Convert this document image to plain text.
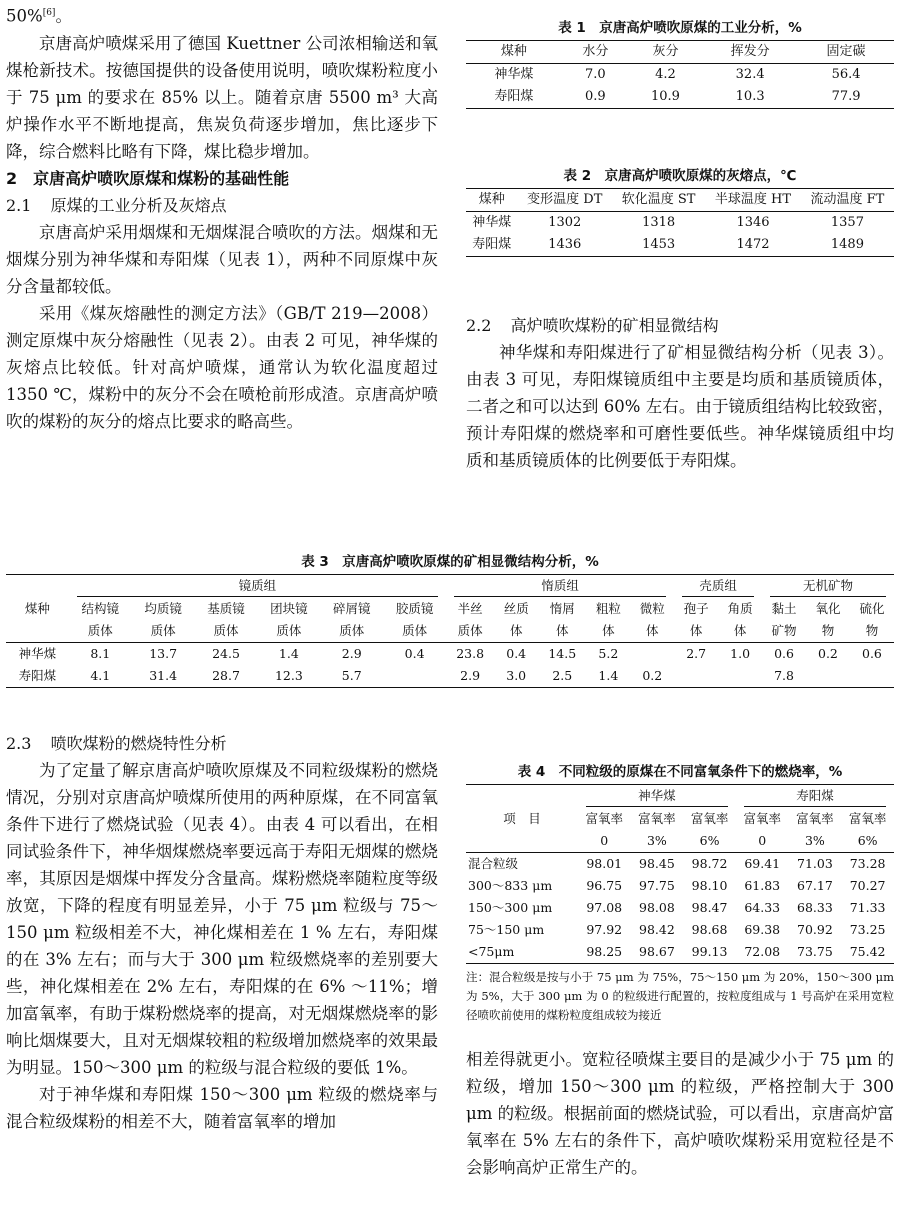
50%[6]。

京唐高炉喷煤采用了德国 Kuettner 公司浓相输送和氧煤枪新技术。按德国提供的设备使用说明，喷吹煤粉粒度小于 75 μm 的要求在 85% 以上。随着京唐 5500 m³ 大高炉操作水平不断地提高，焦炭负荷逐步增加，焦比逐步下降，综合燃料比略有下降，煤比稳步增加。

2　京唐高炉喷吹原煤和煤粉的基础性能
2.1 原煤的工业分析及灰熔点

京唐高炉采用烟煤和无烟煤混合喷吹的方法。烟煤和无烟煤分别为神华煤和寿阳煤（见表 1），两种不同原煤中灰分含量都较低。

采用《煤灰熔融性的测定方法》（GB/T 219—2008）测定原煤中灰分熔融性（见表 2）。由表 2 可见，神华煤的灰熔点比较低。针对高炉喷煤，通常认为软化温度超过 1350 ℃，煤粉中的灰分不会在喷枪前形成渣。京唐高炉喷吹的煤粉的灰分的熔点比要求的略高些。

表 1　京唐高炉喷吹原煤的工业分析，%
煤种	水分	灰分	挥发分	固定碳
神华煤	7.0	4.2	32.4	56.4
寿阳煤	0.9	10.9	10.3	77.9
表 2　京唐高炉喷吹原煤的灰熔点，℃
煤种	变形温度 DT	软化温度 ST	半球温度 HT	流动温度 FT
神华煤	1302	1318	1346	1357
寿阳煤	1436	1453	1472	1489
2.2 高炉喷吹煤粉的矿相显微结构

神华煤和寿阳煤进行了矿相显微结构分析（见表 3）。由表 3 可见，寿阳煤镜质组中主要是均质和基质镜质体，二者之和可以达到 60% 左右。由于镜质组结构比较致密，预计寿阳煤的燃烧率和可磨性要低些。神华煤镜质组中均质和基质镜质体的比例要低于寿阳煤。

表 3　京唐高炉喷吹原煤的矿相显微结构分析，%
煤种	镜质组						惰质组					壳质组		无机矿物		

	结构镜	均质镜	基质镜	团块镜	碎屑镜	胶质镜	半丝	丝质	惰屑	粗粒	微粒	孢子	角质	黏土	氧化	硫化
	质体	质体	质体	质体	质体	质体	质体	体	体	体	体	体	体	矿物	物	物
神华煤	8.1	13.7	24.5	1.4	2.9	0.4	23.8	0.4	14.5	5.2		2.7	1.0	0.6	0.2	0.6
寿阳煤	4.1	31.4	28.7	12.3	5.7		2.9	3.0	2.5	1.4	0.2			7.8		
2.3 喷吹煤粉的燃烧特性分析

为了定量了解京唐高炉喷吹原煤及不同粒级煤粉的燃烧情况，分别对京唐高炉喷煤所使用的两种原煤，在不同富氧条件下进行了燃烧试验（见表 4）。由表 4 可以看出，在相同试验条件下，神华烟煤燃烧率要远高于寿阳无烟煤的燃烧率，其原因是烟煤中挥发分含量高。煤粉燃烧率随粒度等级放宽，下降的程度有明显差异，小于 75 μm 粒级与 75～150 μm 粒级相差不大，神化煤相差在 1 % 左右，寿阳煤的在 3% 左右；而与大于 300 μm 粒级燃烧率的差别要大些，神化煤相差在 2% 左右，寿阳煤的在 6% ～11%；增加富氧率，有助于煤粉燃烧率的提高，对无烟煤燃烧率的影响比烟煤要大，且对无烟煤较粗的粒级增加燃烧率的效果最为明显。150～300 μm 的粒级与混合粒级的要低 1%。

对于神华煤和寿阳煤 150～300 μm 粒级的燃烧率与混合粒级煤粉的相差不大，随着富氧率的增加

表 4　不同粒级的原煤在不同富氧条件下的燃烧率，%
项　目	神华煤			寿阳煤		

	富氧率	富氧率	富氧率	富氧率	富氧率	富氧率
	0	3%	6%	0	3%	6%
混合粒级	98.01	98.45	98.72	69.41	71.03	73.28
300～833 μm	96.75	97.75	98.10	61.83	67.17	70.27
150～300 μm	97.08	98.08	98.47	64.33	68.33	71.33
75～150 μm	97.92	98.42	98.68	69.38	70.92	73.25
<75μm	98.25	98.67	99.13	72.08	73.75	75.42

注：混合粒级是按与小于 75 μm 为 75%，75～150 μm 为 20%，150～300 μm 为 5%，大于 300 μm 为 0 的粒级进行配置的，按粒度组成与 1 号高炉在采用宽粒径喷吹前使用的煤粉粒度组成较为接近

相差得就更小。宽粒径喷煤主要目的是减少小于 75 μm 的粒级，增加 150～300 μm 的粒级，严格控制大于 300 μm 的粒级。根据前面的燃烧试验，可以看出，京唐高炉富氧率在 5% 左右的条件下，高炉喷吹煤粉采用宽粒径是不会影响高炉正常生产的。
